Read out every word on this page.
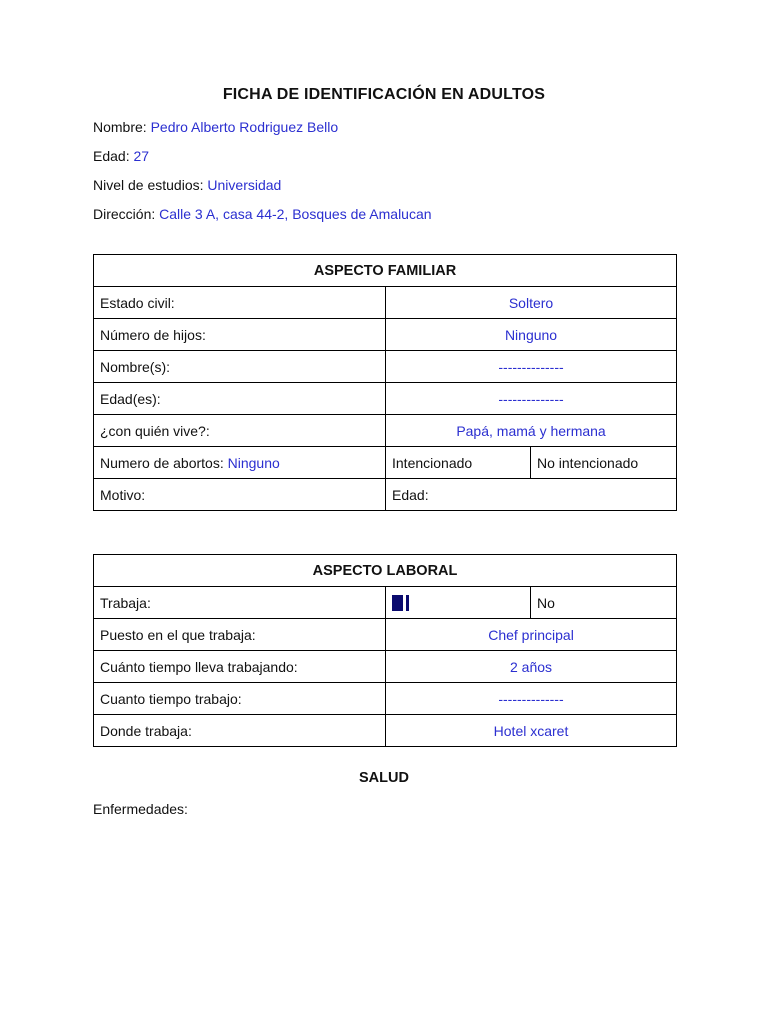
FICHA DE IDENTIFICACIÓN EN ADULTOS
Nombre: Pedro Alberto Rodriguez Bello
Edad: 27
Nivel de estudios: Universidad
Dirección: Calle 3 A, casa 44-2, Bosques de Amalucan
ASPECTO FAMILIAR		
Estado civil:	Soltero	
Número de hijos:	Ninguno	
Nombre(s):	--------------	
Edad(es):	--------------	
¿con quién vive?:	Papá, mamá y hermana	
Numero de abortos: Ninguno	Intencionado	No intencionado
Motivo:	Edad:	
ASPECTO LABORAL		
Trabaja:		No
Puesto en el que trabaja:	Chef principal	
Cuánto tiempo lleva trabajando:	2 años	
Cuanto tiempo trabajo:	--------------	
Donde trabaja:	Hotel xcaret	
SALUD
Enfermedades:
